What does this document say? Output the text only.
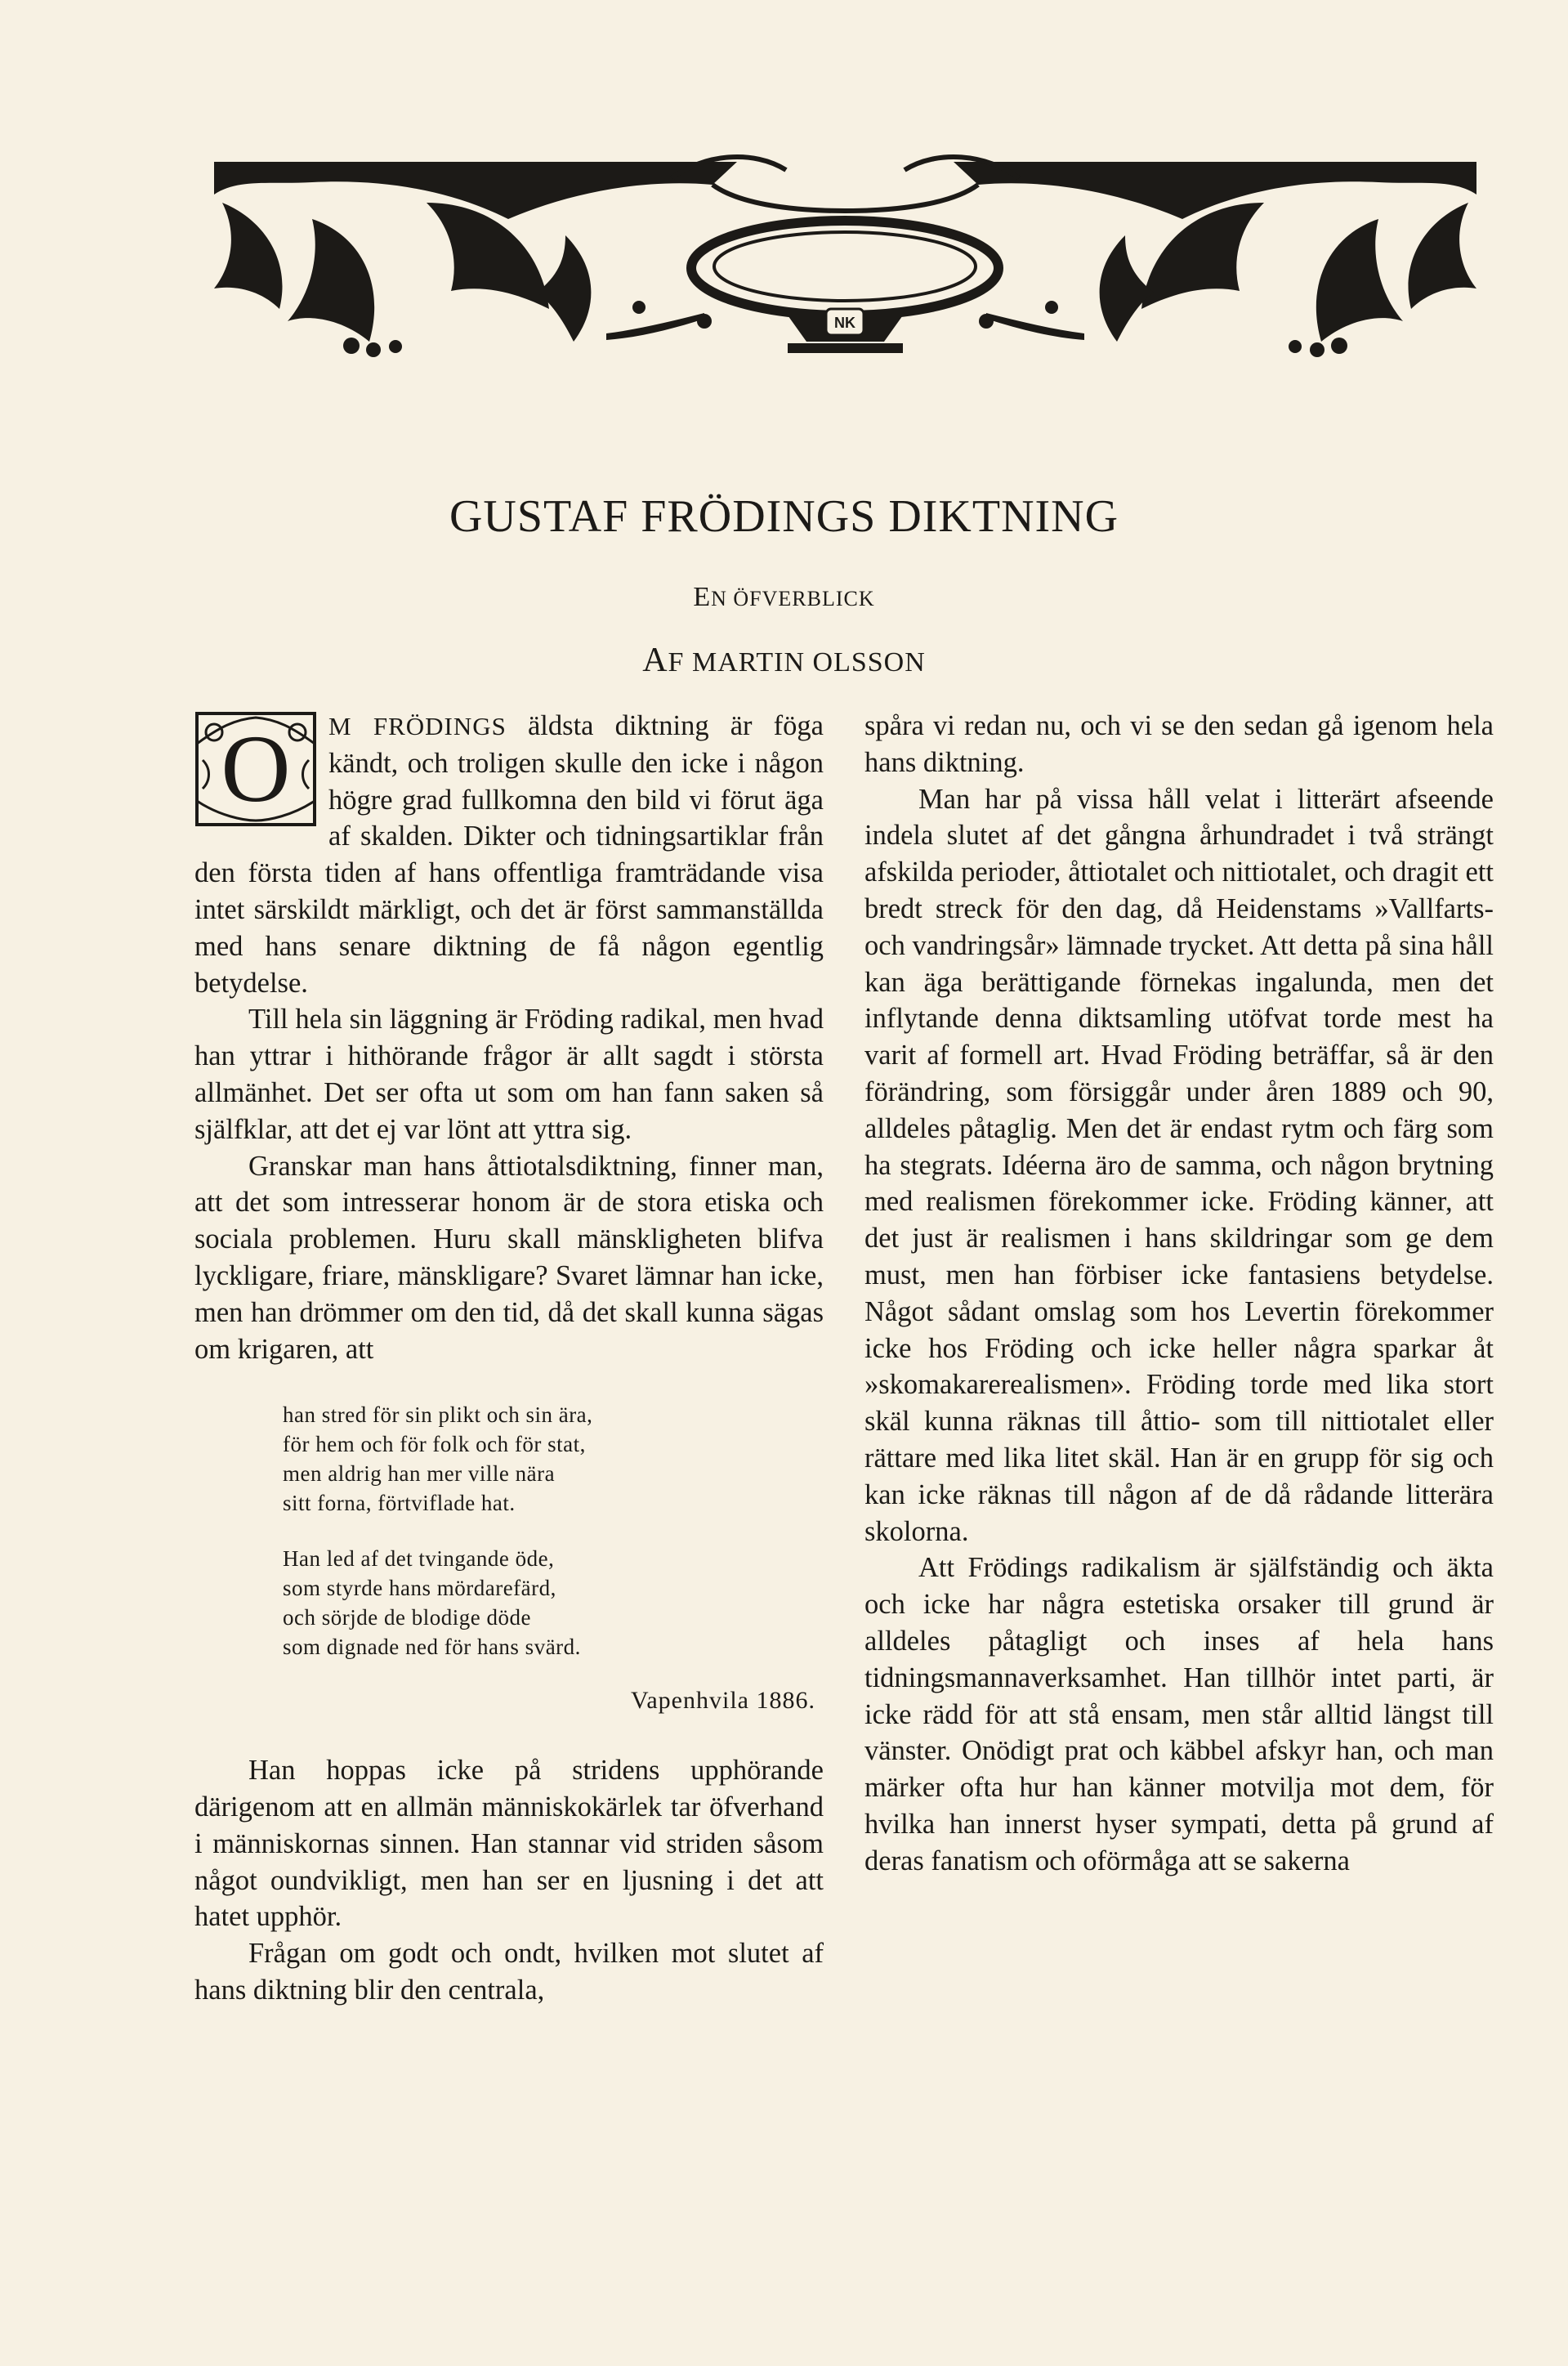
NK
GUSTAF FRÖDINGS DIKTNING
EN ÖFVERBLICK
AF MARTIN OLSSON

O	M FRÖDINGS äldsta diktning är föga kändt, och troligen skulle den icke i någon högre grad fullkomna den bild vi förut äga af skalden. Dikter och tidningsartiklar från den första tiden af hans offentliga framträdande visa intet särskildt märkligt, och det är först sammanställda med hans senare diktning de få någon egentlig betydelse.

Till hela sin läggning är Fröding radikal, men hvad han yttrar i hithörande frågor är allt sagdt i största allmänhet. Det ser ofta ut som om han fann saken så själfklar, att det ej var lönt att yttra sig.

Granskar man hans åttiotalsdiktning, finner man, att det som intresserar honom är de stora etiska och sociala problemen. Huru skall mänskligheten blifva lyckligare, friare, mänskligare? Svaret lämnar han icke, men han drömmer om den tid, då det skall kunna sägas om krigaren, att

han stred för sin plikt och sin ära,
för hem och för folk och för stat,
men aldrig han mer ville nära
sitt forna, förtviflade hat.
Han led af det tvingande öde,
som styrde hans mördarefärd,
och sörjde de blodige döde
som dignade ned för hans svärd.
Vapenhvila 1886.

Han hoppas icke på stridens upphörande därigenom att en allmän människokärlek tar öfverhand i människornas sinnen. Han stannar vid striden såsom något oundvikligt, men han ser en ljusning i det att hatet upphör.

Frågan om godt och ondt, hvilken mot slutet af hans diktning blir den centrala,

spåra vi redan nu, och vi se den sedan gå igenom hela hans diktning.

Man har på vissa håll velat i litterärt afseende indela slutet af det gångna århundradet i två strängt afskilda perioder, åttiotalet och nittiotalet, och dragit ett bredt streck för den dag, då Heidenstams »Vallfarts- och vandringsår» lämnade trycket. Att detta på sina håll kan äga berättigande förnekas ingalunda, men det inflytande denna diktsamling utöfvat torde mest ha varit af formell art. Hvad Fröding beträffar, så är den förändring, som försiggår under åren 1889 och 90, alldeles påtaglig. Men det är endast rytm och färg som ha stegrats. Idéerna äro de samma, och någon brytning med realismen förekommer icke. Fröding känner, att det just är realismen i hans skildringar som ge dem must, men han förbiser icke fantasiens betydelse. Något sådant omslag som hos Levertin förekommer icke hos Fröding och icke heller några sparkar åt »skomakarerealismen». Fröding torde med lika stort skäl kunna räknas till åttio- som till nittiotalet eller rättare med lika litet skäl. Han är en grupp för sig och kan icke räknas till någon af de då rådande litterära skolorna.

Att Frödings radikalism är själfständig och äkta och icke har några estetiska orsaker till grund är alldeles påtagligt och inses af hela hans tidningsmannaverksamhet. Han tillhör intet parti, är icke rädd för att stå ensam, men står alltid längst till vänster. Onödigt prat och käbbel afskyr han, och man märker ofta hur han känner motvilja mot dem, för hvilka han innerst hyser sympati, detta på grund af deras fanatism och oförmåga att se sakerna
